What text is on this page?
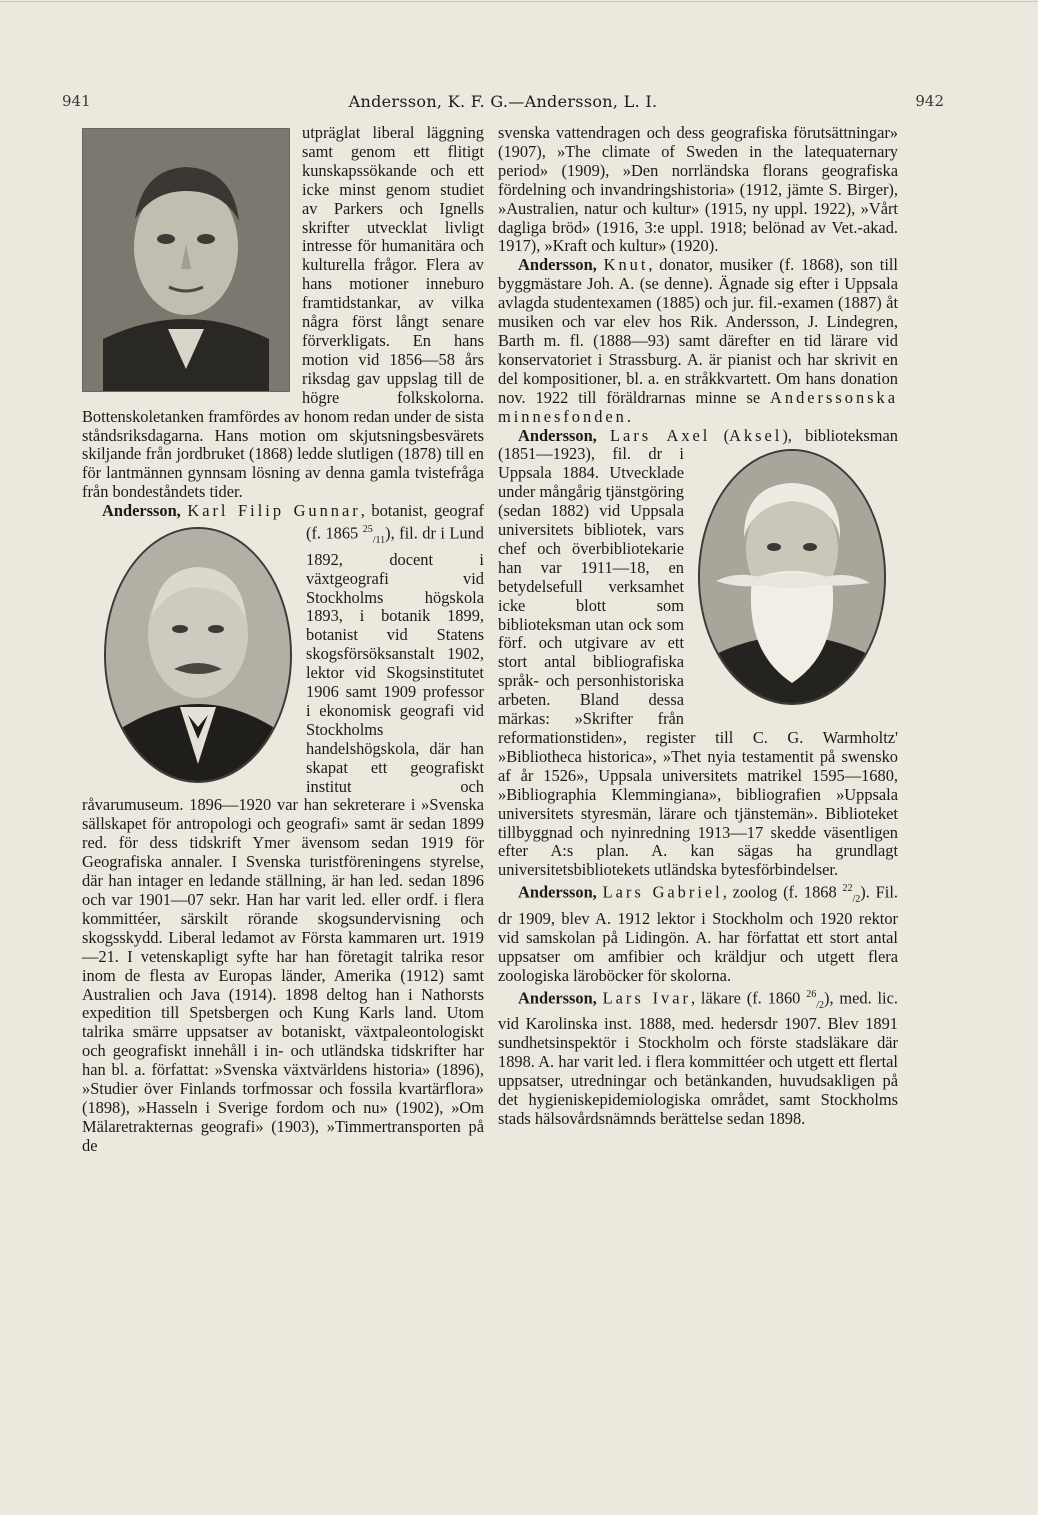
941	Andersson, K. F. G.—Andersson, L. I.	942

utpräglat liberal läggning samt genom ett flitigt kunskapssökande och ett icke minst genom studiet av Parkers och Ignells skrifter utvecklat livligt intresse för humanitära och kulturella frågor. Flera av hans motioner inneburo framtidstankar, av vilka några först långt senare förverkligats. En hans motion vid 1856—58 års riksdag gav uppslag till de högre folkskolorna. Bottenskoletanken framfördes av honom redan under de sista ståndsriksdagarna. Hans motion om skjutsningsbesvärets skiljande från jordbruket (1868) ledde slutligen (1878) till en för lantmännen gynnsam lösning av denna gamla tvistefråga från bondeståndets tider.

Andersson, Karl Filip Gunnar, botanist, geograf (f. 1865 $^{25}_{/11}$
), fil. dr i Lund 1892, docent i växtgeografi vid Stockholms högskola 1893, i botanik 1899, botanist vid Statens skogsförsöksanstalt 1902, lektor vid Skogsinstitutet 1906 samt 1909 professor i ekonomisk geografi vid Stockholms handelshögskola, där han skapat ett geografiskt institut och råvarumuseum. 1896—1920 var han sekreterare i »Svenska sällskapet för antropologi och geografi» samt är sedan 1899 red. för dess tidskrift Ymer ävensom sedan 1919 för Geografiska annaler. I Svenska turistföreningens styrelse, där han intager en ledande ställning, är han led. sedan 1896 och var 1901—07 sekr. Han har varit led. eller ordf. i flera kommittéer, särskilt rörande skogsundervisning och skogsskydd. Liberal ledamot av Första kammaren urt. 1919—21. I vetenskapligt syfte har han företagit talrika resor inom de flesta av Europas länder, Amerika (1912) samt Australien och Java (1914). 1898 deltog han i Nathorsts expedition till Spetsbergen och Kung Karls land. Utom talrika smärre uppsatser av botaniskt, växtpaleontologiskt och geografiskt innehåll i in- och utländska tidskrifter har han bl. a. författat: »Svenska växtvärldens historia» (1896), »Studier över Finlands torfmossar och fossila kvartärflora» (1898), »Hasseln i Sverige fordom och nu» (1902), »Om Mälaretrakternas geografi» (1903), »Timmertransporten på de

svenska vattendragen och dess geografiska förutsättningar» (1907), »The climate of Sweden in the latequaternary period» (1909), »Den norrländska florans geografiska fördelning och invandringshistoria» (1912, jämte S. Birger), »Australien, natur och kultur» (1915, ny uppl. 1922), »Vårt dagliga bröd» (1916, 3:e uppl. 1918; belönad av Vet.-akad. 1917), »Kraft och kultur» (1920).

Andersson, Knut, donator, musiker (f. 1868), son till byggmästare Joh. A. (se denne). Ägnade sig efter i Uppsala avlagda studentexamen (1885) och jur. fil.-examen (1887) åt musiken och var elev hos Rik. Andersson, J. Lindegren, Barth m. fl. (1888—93) samt därefter en tid lärare vid konservatoriet i Strassburg. A. är pianist och har skrivit en del kompositioner, bl. a. en stråkkvartett. Om hans donation nov. 1922 till föräldrarnas minne se Anderssonska minnesfonden.

Andersson, Lars Axel (Aksel
), biblioteksman (1851—1923), fil. dr i Uppsala 1884. Utvecklade under mångårig tjänstgöring (sedan 1882) vid Uppsala universitets bibliotek, vars chef och överbibliotekarie han var 1911—18, en betydelsefull verksamhet icke blott som biblioteksman utan ock som förf. och utgivare av ett stort antal bibliografiska språk- och personhistoriska arbeten. Bland dessa märkas: »Skrifter från reformationstiden», register till C. G. Warmholtz' »Bibliotheca historica», »Thet nyia testamentit på swensko af år 1526», Uppsala universitets matrikel 1595—1680, »Bibliographia Klemmingiana», bibliografien »Uppsala universitets styresmän, lärare och tjänstemän». Biblioteket tillbyggnad och nyinredning 1913—17 skedde väsentligen efter A:s plan. A. kan sägas ha grundlagt universitetsbibliotekets utländska bytesförbindelser.

Andersson, Lars Gabriel, zoolog (f. 1868 $^{22}_{/2}$). Fil. dr 1909, blev A. 1912 lektor i Stockholm och 1920 rektor vid samskolan på Lidingön. A. har författat ett stort antal uppsatser om amfibier och kräldjur och utgett flera zoologiska läroböcker för skolorna.

Andersson, Lars Ivar, läkare (f. 1860 $^{26}_{/2}$), med. lic. vid Karolinska inst. 1888, med. hedersdr 1907. Blev 1891 sundhetsinspektör i Stockholm och förste stadsläkare där 1898. A. har varit led. i flera kommittéer och utgett ett flertal uppsatser, utredningar och betänkanden, huvudsakligen på det hygieniskepidemiologiska området, samt Stockholms stads hälsovårdsnämnds berättelse sedan 1898.
